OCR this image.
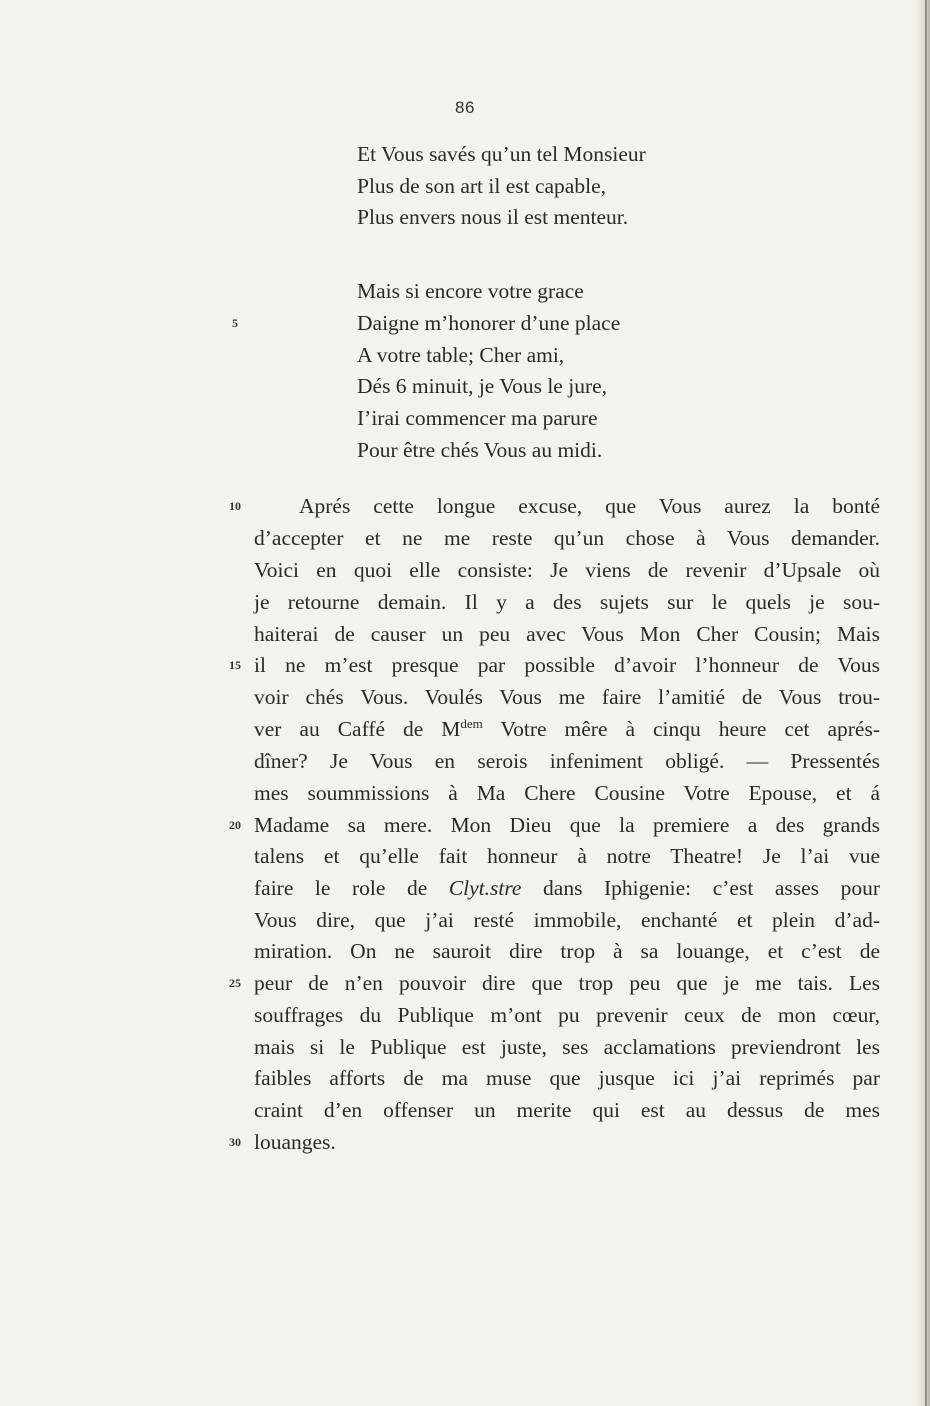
86
Et Vous savés qu’un tel Monsieur
Plus de son art il est capable,
Plus envers nous il est menteur.
Mais si encore votre grace
Daigne m’honorer d’une place
A votre table; Cher ami,
Dés 6 minuit, je Vous le jure,
I’irai commencer ma parure
Pour être chés Vous au midi.
Aprés cette longue excuse, que Vous aurez la bonté
d’accepter et ne me reste qu’un chose à Vous demander.
Voici en quoi elle consiste: Je viens de revenir d’Upsale où
je retourne demain. Il y a des sujets sur le quels je sou-
haiterai de causer un peu avec Vous Mon Cher Cousin; Mais
il ne m’est presque par possible d’avoir l’honneur de Vous
voir chés Vous. Voulés Vous me faire l’amitié de Vous trou-
ver au Caffé de $M^{dem}$ Votre mêre à cinqu heure cet aprés-
dîner? Je Vous en serois infeniment obligé. — Pressentés
mes soummissions à Ma Chere Cousine Votre Epouse, et á
Madame sa mere. Mon Dieu que la premiere a des grands
talens et qu’elle fait honneur à notre Theatre! Je l’ai vue
faire le role de Clyt.stre dans Iphigenie: c’est asses pour
Vous dire, que j’ai resté immobile, enchanté et plein d’ad-
miration. On ne sauroit dire trop à sa louange, et c’est de
peur de n’en pouvoir dire que trop peu que je me tais. Les
souffrages du Publique m’ont pu prevenir ceux de mon cœur,
mais si le Publique est juste, ses acclamations previendront les
faibles afforts de ma muse que jusque ici j’ai reprimés par
craint d’en offenser un merite qui est au dessus de mes
louanges.
5
10
15
20
25
30
